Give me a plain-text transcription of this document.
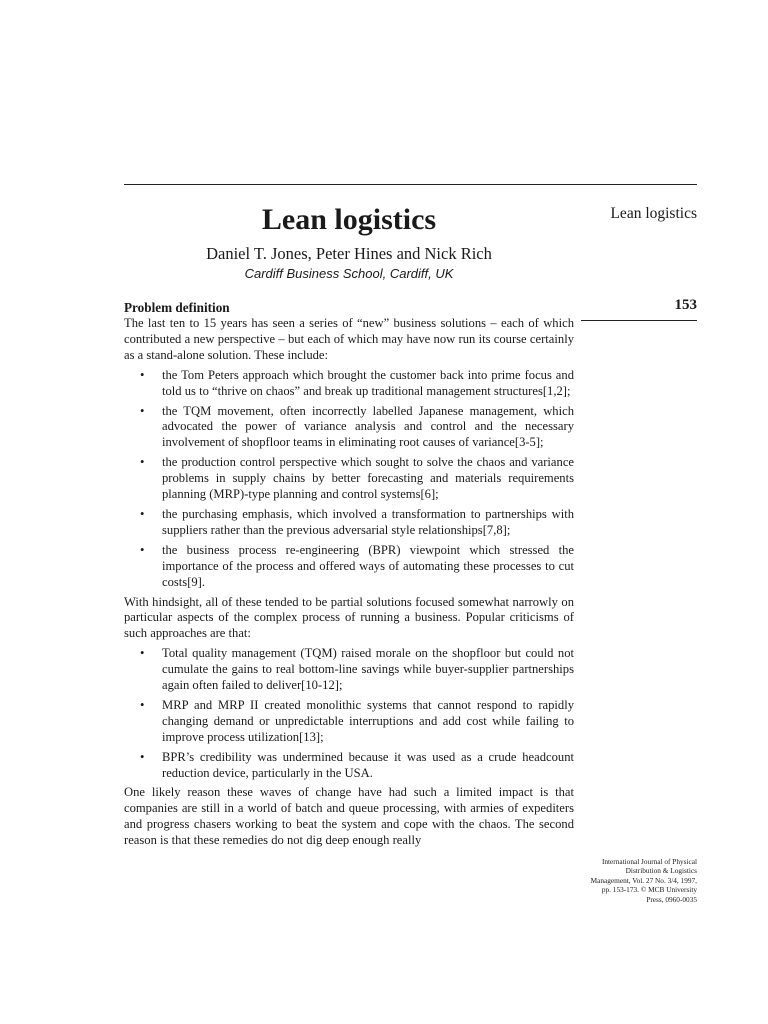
Lean logistics
Daniel T. Jones, Peter Hines and Nick Rich
Cardiff Business School, Cardiff, UK
Lean logistics
153
International Journal of Physical
Distribution & Logistics
Management, Vol. 27 No. 3/4, 1997,
pp. 153-173. © MCB University
Press, 0960-0035
Problem definition

The last ten to 15 years has seen a series of “new” business solutions – each of which contributed a new perspective – but each of which may have now run its course certainly as a stand-alone solution. These include:

• the Tom Peters approach which brought the customer back into prime focus and told us to “thrive on chaos” and break up traditional management structures[1,2];
• the TQM movement, often incorrectly labelled Japanese management, which advocated the power of variance analysis and control and the necessary involvement of shopfloor teams in eliminating root causes of variance[3-5];
• the production control perspective which sought to solve the chaos and variance problems in supply chains by better forecasting and materials requirements planning (MRP)-type planning and control systems[6];
• the purchasing emphasis, which involved a transformation to partnerships with suppliers rather than the previous adversarial style relationships[7,8];
• the business process re-engineering (BPR) viewpoint which stressed the importance of the process and offered ways of automating these processes to cut costs[9].

With hindsight, all of these tended to be partial solutions focused somewhat narrowly on particular aspects of the complex process of running a business. Popular criticisms of such approaches are that:

• Total quality management (TQM) raised morale on the shopfloor but could not cumulate the gains to real bottom-line savings while buyer-supplier partnerships again often failed to deliver[10-12];
• MRP and MRP II created monolithic systems that cannot respond to rapidly changing demand or unpredictable interruptions and add cost while failing to improve process utilization[13];
• BPR’s credibility was undermined because it was used as a crude headcount reduction device, particularly in the USA.

One likely reason these waves of change have had such a limited impact is that companies are still in a world of batch and queue processing, with armies of expediters and progress chasers working to beat the system and cope with the chaos. The second reason is that these remedies do not dig deep enough really
